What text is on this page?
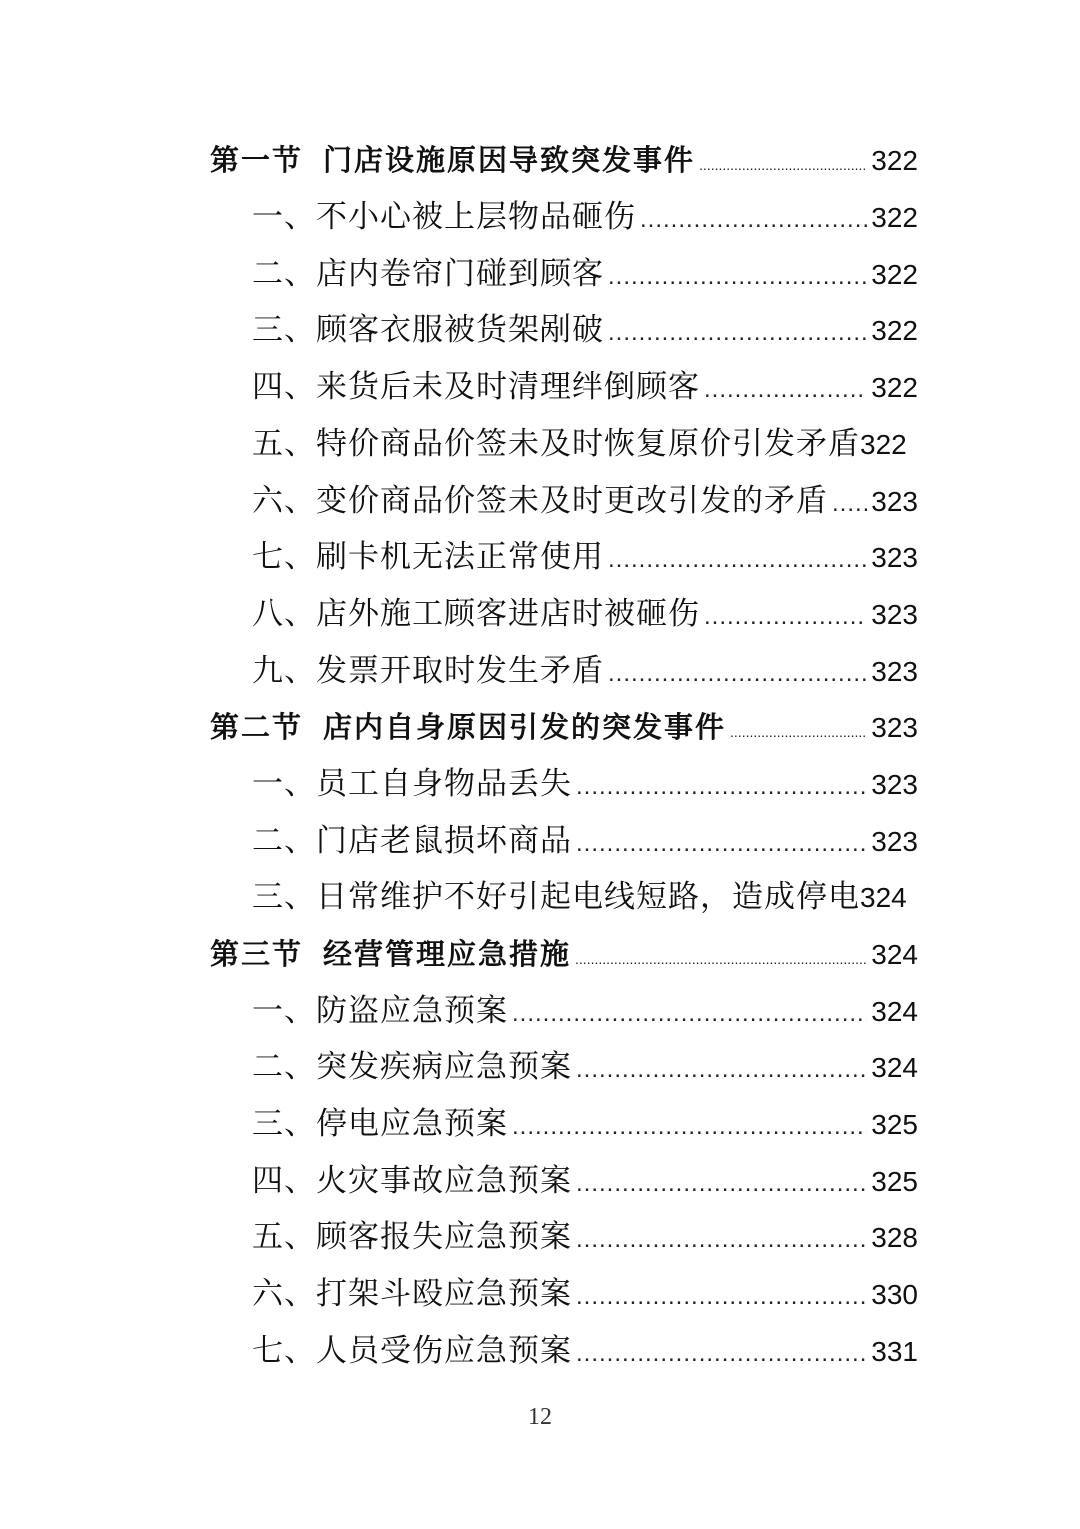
第一节 门店设施原因导致突发事件 .....	322
一、不小心被上层物品砸伤 .....	322
二、店内卷帘门碰到顾客 .....	322
三、顾客衣服被货架剐破 .....	322
四、来货后未及时清理绊倒顾客 .....	322
五、特价商品价签未及时恢复原价引发矛盾 322
六、变价商品价签未及时更改引发的矛盾 ..... 323
七、刷卡机无法正常使用 .....	323
八、店外施工顾客进店时被砸伤 .....	323
九、发票开取时发生矛盾 .....	323
第二节 店内自身原因引发的突发事件 .....	323
一、员工自身物品丢失 .....	323
二、门店老鼠损坏商品 .....	323
三、日常维护不好引起电线短路，造成停电 324
第三节 经营管理应急措施 .....	324
一、防盗应急预案 .....	324
二、突发疾病应急预案 .....	324
三、停电应急预案 .....	325
四、火灾事故应急预案 .....	325
五、顾客报失应急预案 .....	328
六、打架斗殴应急预案 .....	330
七、人员受伤应急预案 .....	331
12
